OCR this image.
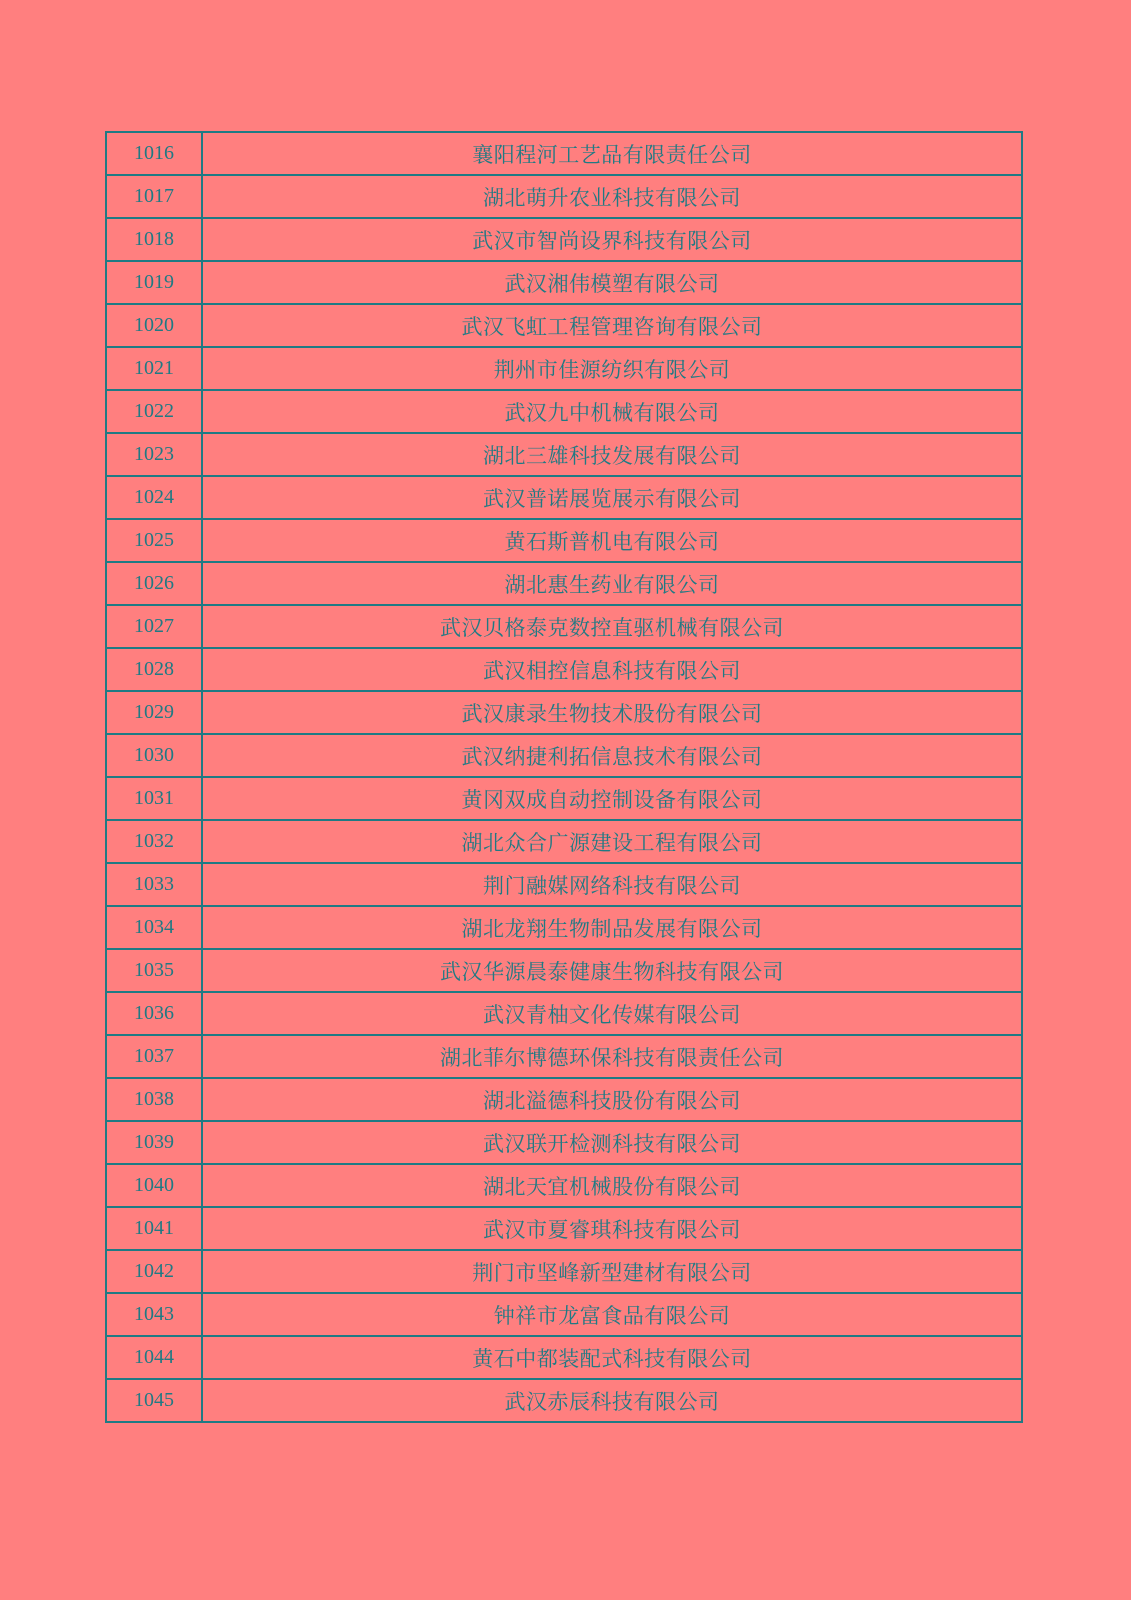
1016	襄阳程河工艺品有限责任公司
1017	湖北萌升农业科技有限公司
1018	武汉市智尚设界科技有限公司
1019	武汉湘伟模塑有限公司
1020	武汉飞虹工程管理咨询有限公司
1021	荆州市佳源纺织有限公司
1022	武汉九中机械有限公司
1023	湖北三雄科技发展有限公司
1024	武汉普诺展览展示有限公司
1025	黄石斯普机电有限公司
1026	湖北惠生药业有限公司
1027	武汉贝格泰克数控直驱机械有限公司
1028	武汉相控信息科技有限公司
1029	武汉康录生物技术股份有限公司
1030	武汉纳捷利拓信息技术有限公司
1031	黄冈双成自动控制设备有限公司
1032	湖北众合广源建设工程有限公司
1033	荆门融媒网络科技有限公司
1034	湖北龙翔生物制品发展有限公司
1035	武汉华源晨泰健康生物科技有限公司
1036	武汉青柚文化传媒有限公司
1037	湖北菲尔博德环保科技有限责任公司
1038	湖北溢德科技股份有限公司
1039	武汉联开检测科技有限公司
1040	湖北天宜机械股份有限公司
1041	武汉市夏睿琪科技有限公司
1042	荆门市坚峰新型建材有限公司
1043	钟祥市龙富食品有限公司
1044	黄石中都装配式科技有限公司
1045	武汉赤辰科技有限公司
